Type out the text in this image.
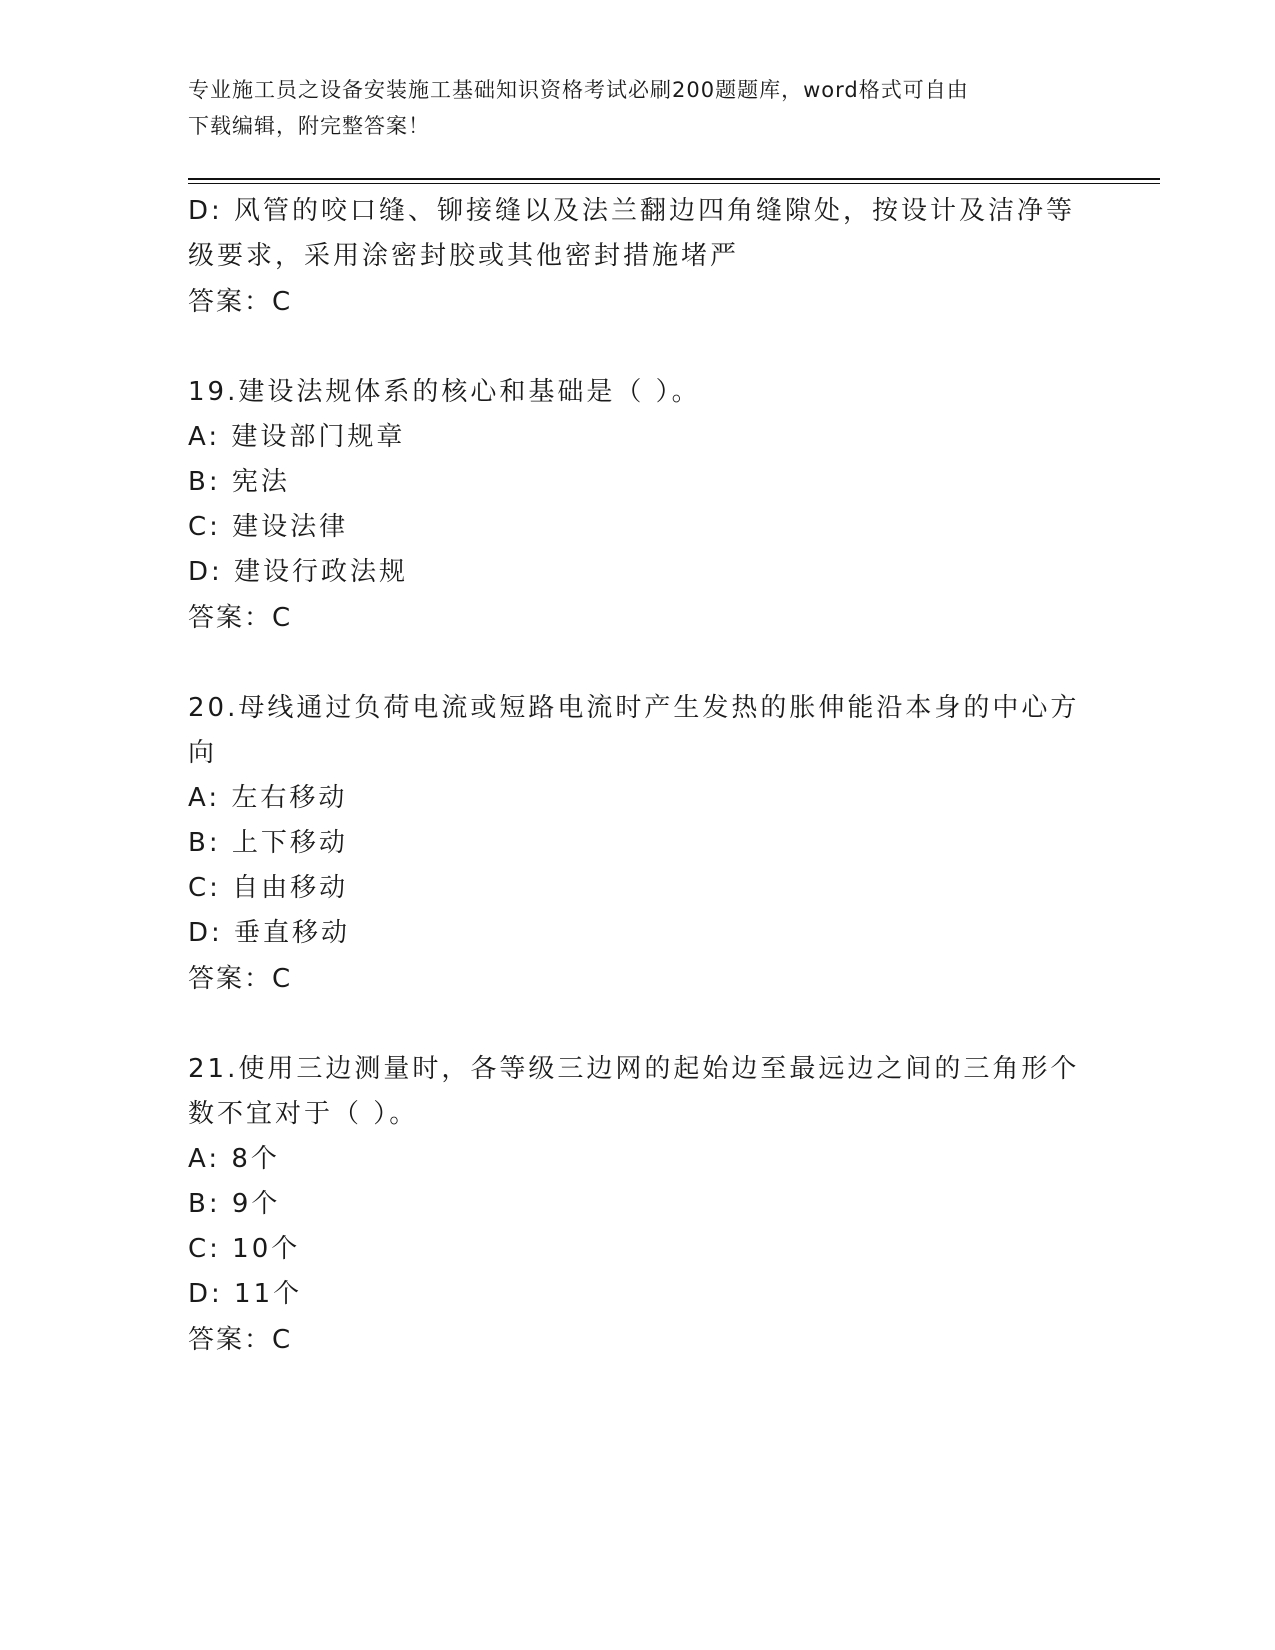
专业施工员之设备安装施工基础知识资格考试必刷200题题库，word格式可自由
下载编辑，附完整答案！
D: 风管的咬口缝、铆接缝以及法兰翻边四角缝隙处，按设计及洁净等
级要求，采用涂密封胶或其他密封措施堵严
答案：C
19.建设法规体系的核心和基础是（ ）。
A: 建设部门规章
B: 宪法
C: 建设法律
D: 建设行政法规
答案：C
20.母线通过负荷电流或短路电流时产生发热的胀伸能沿本身的中心方
向
A: 左右移动
B: 上下移动
C: 自由移动
D: 垂直移动
答案：C
21.使用三边测量时，各等级三边网的起始边至最远边之间的三角形个
数不宜对于（ ）。
A: 8个
B: 9个
C: 10个
D: 11个
答案：C
